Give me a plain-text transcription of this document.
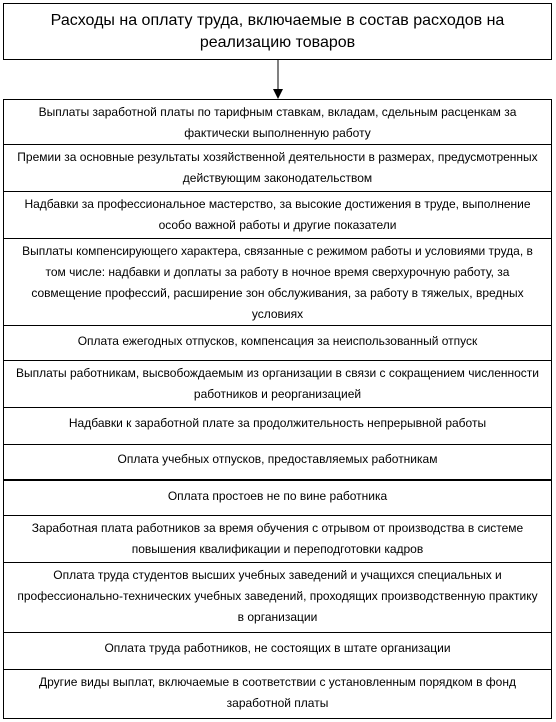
Расходы на оплату труда, включаемые в состав расходов на реализацию товаров
Выплаты заработной платы по тарифным ставкам, вкладам, сдельным расценкам за фактически выполненную работу
Премии за основные результаты хозяйственной деятельности в размерах, предусмотренных действующим законодательством
Надбавки за профессиональное мастерство, за высокие достижения в труде, выполнение особо важной работы и другие показатели
Выплаты компенсирующего характера, связанные с режимом работы и условиями труда, в том числе: надбавки и доплаты за работу в ночное время сверхурочную работу, за совмещение профессий, расширение зон обслуживания, за работу в тяжелых, вредных условиях
Оплата ежегодных отпусков, компенсация за неиспользованный отпуск
Выплаты работникам, высвобождаемым из организации в связи с сокращением численности работников и реорганизацией
Надбавки к заработной плате за продолжительность непрерывной работы
Оплата учебных отпусков, предоставляемых работникам
Оплата простоев не по вине работника
Заработная плата работников за время обучения с отрывом от производства в системе повышения квалификации и переподготовки кадров
Оплата труда студентов высших учебных заведений и учащихся специальных и профессионально-технических учебных заведений, проходящих производственную практику в организации
Оплата труда работников, не состоящих в штате организации
Другие виды выплат, включаемые в соответствии с установленным порядком в фонд заработной платы
